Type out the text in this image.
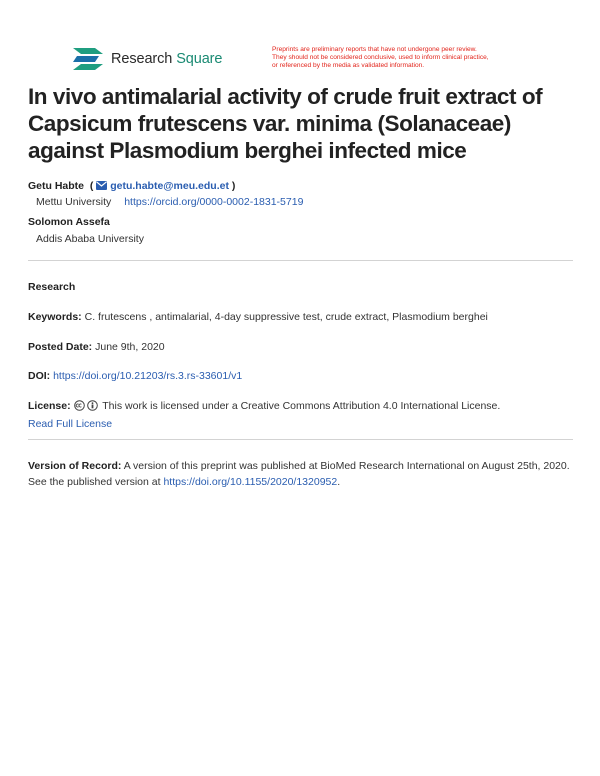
Research Square
Preprints are preliminary reports that have not undergone peer review.
They should not be considered conclusive, used to inform clinical practice,
or referenced by the media as validated information.
In vivo antimalarial activity of crude fruit extract of
Capsicum frutescens var. minima (Solanaceae)
against Plasmodium berghei infected mice
Getu Habte  ( getu.habte@meu.edu.et )
Mettu University https://orcid.org/0000-0002-1831-5719
Solomon Assefa
Addis Ababa University
Research
Keywords: C. frutescens , antimalarial, 4-day suppressive test, crude extract, Plasmodium berghei
Posted Date: June 9th, 2020
DOI: https://doi.org/10.21203/rs.3.rs-33601/v1
License:	This work is licensed under a Creative Commons Attribution 4.0 International License.
Read Full License
Version of Record: A version of this preprint was published at BioMed Research International on August 25th, 2020. See the published version at https://doi.org/10.1155/2020/1320952.
